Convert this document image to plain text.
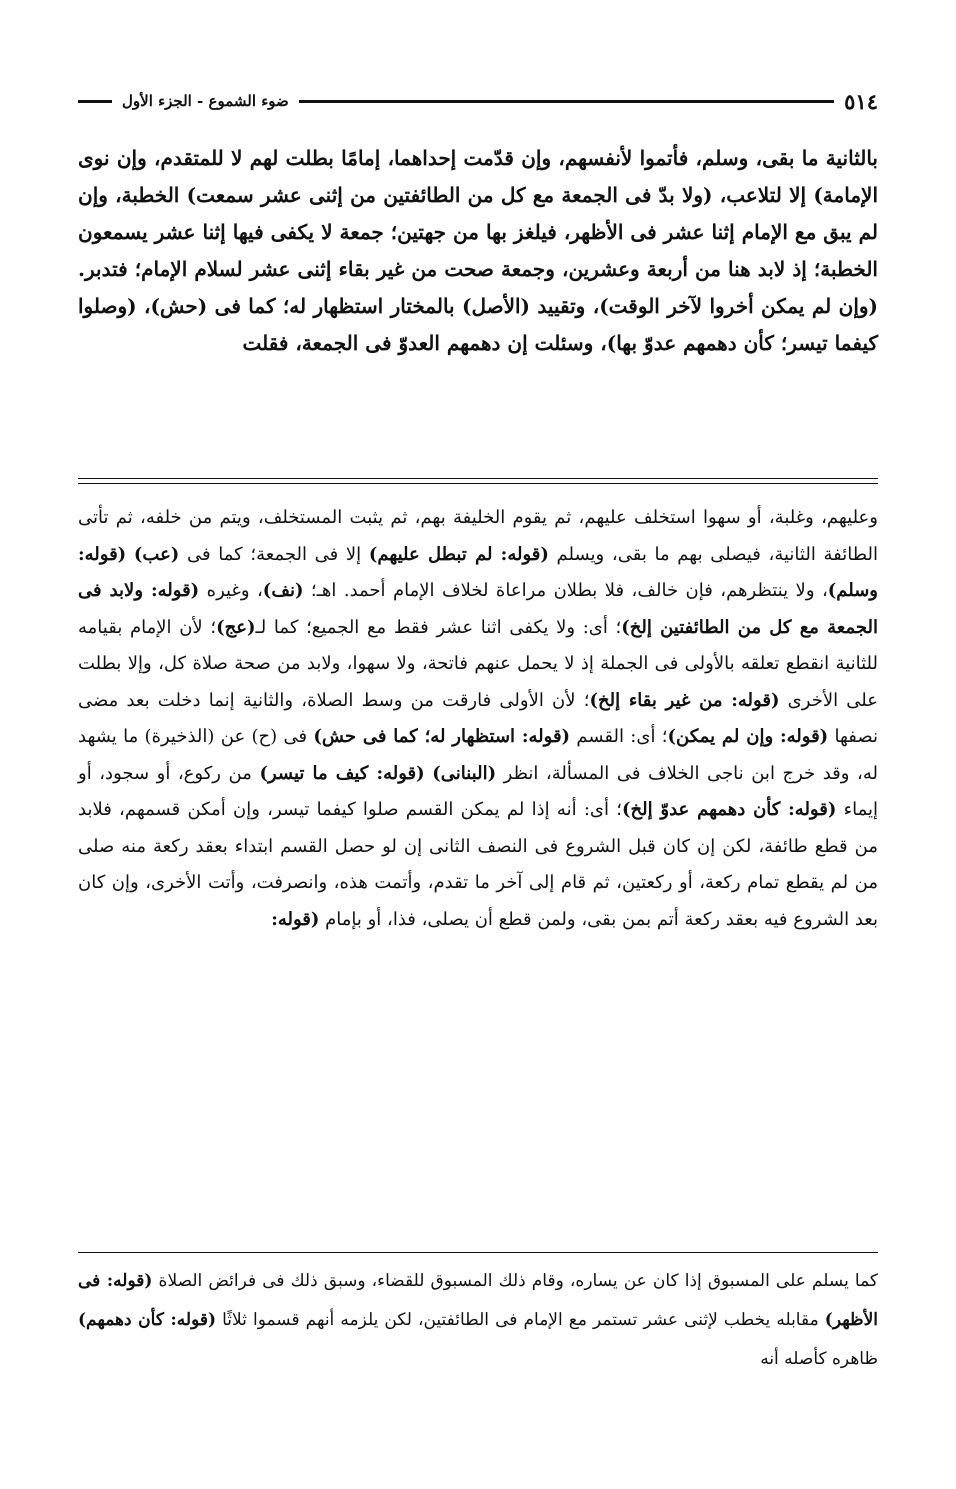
٥١٤
ضوء الشموع - الجزء الأول

بالثانية ما بقى، وسلم، فأتموا لأنفسهم، وإن قدّمت إحداهما، إمامًا بطلت لهم لا للمتقدم، وإن نوى الإمامة) إلا لتلاعب، (ولا بدّ فى الجمعة مع كل من الطائفتين من إثنى عشر سمعت) الخطبة، وإن لم يبق مع الإمام إثنا عشر فى الأظهر، فيلغز بها من جهتين؛ جمعة لا يكفى فيها إثنا عشر يسمعون الخطبة؛ إذ لابد هنا من أربعة وعشرين، وجمعة صحت من غير بقاء إثنى عشر لسلام الإمام؛ فتدبر. (وإن لم يمكن أخروا لآخر الوقت)، وتقييد (الأصل) بالمختار استظهار له؛ كما فى (حش)، (وصلوا كيفما تيسر؛ كأن دهمهم عدوّ بها)، وسئلت إن دهمهم العدوّ فى الجمعة، فقلت

وعليهم، وغلبة، أو سهوا استخلف عليهم، ثم يقوم الخليفة بهم، ثم يثبت المستخلف، ويتم من خلفه، ثم تأتى الطائفة الثانية، فيصلى بهم ما بقى، ويسلم (قوله: لم تبطل عليهم) إلا فى الجمعة؛ كما فى (عب) (قوله: وسلم)، ولا ينتظرهم، فإن خالف، فلا بطلان مراعاة لخلاف الإمام أحمد. اهـ؛ (نف)، وغيره (قوله: ولابد فى الجمعة مع كل من الطائفتين إلخ)؛ أى: ولا يكفى اثنا عشر فقط مع الجميع؛ كما لـ(عج)؛ لأن الإمام بقيامه للثانية انقطع تعلقه بالأولى فى الجملة إذ لا يحمل عنهم فاتحة، ولا سهوا، ولابد من صحة صلاة كل، وإلا بطلت على الأخرى (قوله: من غير بقاء إلخ)؛ لأن الأولى فارقت من وسط الصلاة، والثانية إنما دخلت بعد مضى نصفها (قوله: وإن لم يمكن)؛ أى: القسم (قوله: استظهار له؛ كما فى حش) فى (ح) عن (الذخيرة) ما يشهد له، وقد خرج ابن ناجى الخلاف فى المسألة، انظر (البنانى) (قوله: كيف ما تيسر) من ركوع، أو سجود، أو إيماء (قوله: كأن دهمهم عدوّ إلخ)؛ أى: أنه إذا لم يمكن القسم صلوا كيفما تيسر، وإن أمكن قسمهم، فلابد من قطع طائفة، لكن إن كان قبل الشروع فى النصف الثانى إن لو حصل القسم ابتداء بعقد ركعة منه صلى من لم يقطع تمام ركعة، أو ركعتين، ثم قام إلى آخر ما تقدم، وأتمت هذه، وانصرفت، وأتت الأخرى، وإن كان بعد الشروع فيه بعقد ركعة أتم بمن بقى، ولمن قطع أن يصلى، فذا، أو بإمام (قوله:

كما يسلم على المسبوق إذا كان عن يساره، وقام ذلك المسبوق للقضاء، وسبق ذلك فى فرائض الصلاة (قوله: فى الأظهر) مقابله يخطب لإثنى عشر تستمر مع الإمام فى الطائفتين، لكن يلزمه أنهم قسموا ثلاثًا (قوله: كأن دهمهم) ظاهره كأصله أنه
